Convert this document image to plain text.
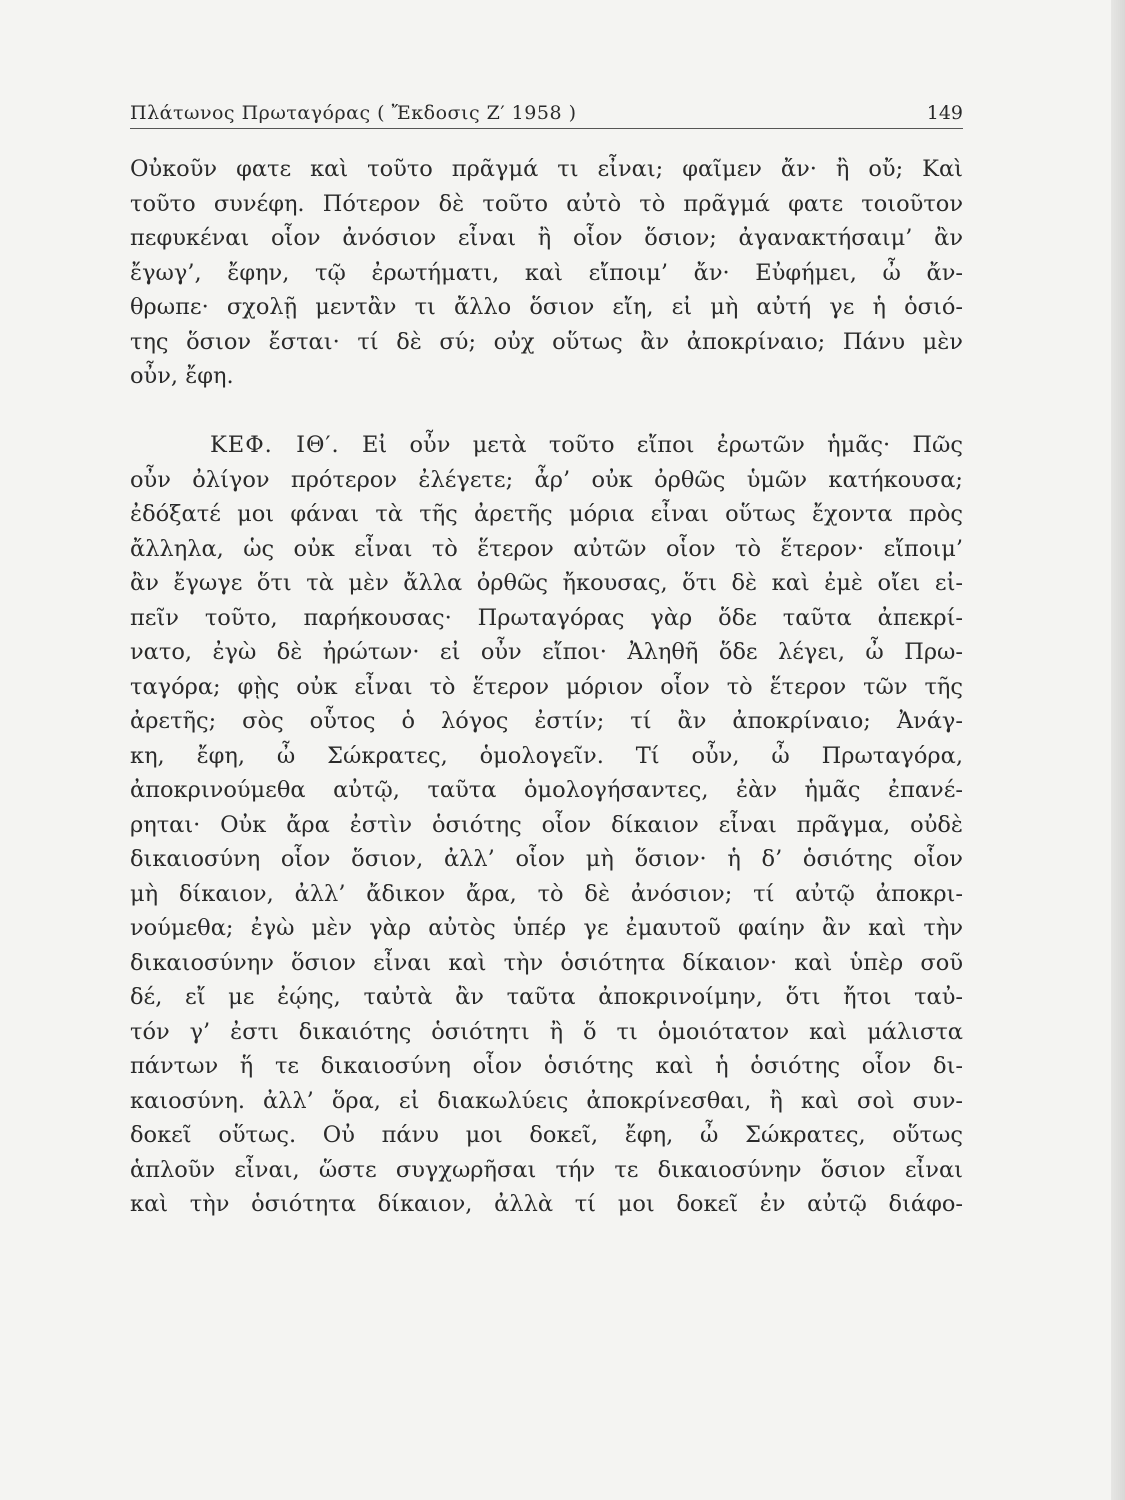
Πλάτωνος Πρωταγόρας ( Ἔκδοσις Ζ′ 1958 )	149
Οὐκοῦν φατε καὶ τοῦτο πρᾶγμά τι εἶναι; φαῖμεν ἄν· ἢ οὔ; Καὶ
τοῦτο συνέφη. Πότερον δὲ τοῦτο αὐτὸ τὸ πρᾶγμά φατε τοιοῦτον
πεφυκέναι οἷον ἀνόσιον εἶναι ἢ οἷον ὅσιον; ἀγανακτήσαιμ’ ἂν
ἔγωγ’, ἔφην, τῷ ἐρωτήματι, καὶ εἴποιμ’ ἄν· Εὐφήμει, ὦ ἄν-
θρωπε· σχολῇ μεντἂν τι ἄλλο ὅσιον εἴη, εἰ μὴ αὐτή γε ἡ ὁσιό-
της ὅσιον ἔσται· τί δὲ σύ; οὐχ οὕτως ἂν ἀποκρίναιο; Πάνυ μὲν
οὖν, ἔφη.
ΚΕΦ. ΙΘ′. Εἰ οὖν μετὰ τοῦτο εἴποι ἐρωτῶν ἡμᾶς· Πῶς
οὖν ὀλίγον πρότερον ἐλέγετε; ἆρ’ οὐκ ὀρθῶς ὑμῶν κατήκουσα;
ἐδόξατέ μοι φάναι τὰ τῆς ἀρετῆς μόρια εἶναι οὕτως ἔχοντα πρὸς
ἄλληλα, ὡς οὐκ εἶναι τὸ ἕτερον αὐτῶν οἷον τὸ ἕτερον· εἴποιμ’
ἂν ἔγωγε ὅτι τὰ μὲν ἄλλα ὀρθῶς ἤκουσας, ὅτι δὲ καὶ ἐμὲ οἴει εἰ-
πεῖν τοῦτο, παρήκουσας· Πρωταγόρας γὰρ ὅδε ταῦτα ἀπεκρί-
νατο, ἐγὼ δὲ ἠρώτων· εἰ οὖν εἴποι· Ἀληθῆ ὅδε λέγει, ὦ Πρω-
ταγόρα; φῂς οὐκ εἶναι τὸ ἕτερον μόριον οἷον τὸ ἕτερον τῶν τῆς
ἀρετῆς; σὸς οὗτος ὁ λόγος ἐστίν; τί ἂν ἀποκρίναιο; Ἀνάγ-
κη, ἔφη, ὦ Σώκρατες, ὁμολογεῖν. Τί οὖν, ὦ Πρωταγόρα,
ἀποκρινούμεθα αὐτῷ, ταῦτα ὁμολογήσαντες, ἐὰν ἡμᾶς ἐπανέ-
ρηται· Οὐκ ἄρα ἐστὶν ὁσιότης οἷον δίκαιον εἶναι πρᾶγμα, οὐδὲ
δικαιοσύνη οἷον ὅσιον, ἀλλ’ οἷον μὴ ὅσιον· ἡ δ’ ὁσιότης οἷον
μὴ δίκαιον, ἀλλ’ ἄδικον ἄρα, τὸ δὲ ἀνόσιον; τί αὐτῷ ἀποκρι-
νούμεθα; ἐγὼ μὲν γὰρ αὐτὸς ὑπέρ γε ἐμαυτοῦ φαίην ἂν καὶ τὴν
δικαιοσύνην ὅσιον εἶναι καὶ τὴν ὁσιότητα δίκαιον· καὶ ὑπὲρ σοῦ
δέ, εἴ με ἐῴης, ταὐτὰ ἂν ταῦτα ἀποκρινοίμην, ὅτι ἤτοι ταὐ-
τόν γ’ ἐστι δικαιότης ὁσιότητι ἢ ὅ τι ὁμοιότατον καὶ μάλιστα
πάντων ἥ τε δικαιοσύνη οἷον ὁσιότης καὶ ἡ ὁσιότης οἷον δι-
καιοσύνη. ἀλλ’ ὅρα, εἰ διακωλύεις ἀποκρίνεσθαι, ἢ καὶ σοὶ συν-
δοκεῖ οὕτως. Οὐ πάνυ μοι δοκεῖ, ἔφη, ὦ Σώκρατες, οὕτως
ἁπλοῦν εἶναι, ὥστε συγχωρῆσαι τήν τε δικαιοσύνην ὅσιον εἶναι
καὶ τὴν ὁσιότητα δίκαιον, ἀλλὰ τί μοι δοκεῖ ἐν αὐτῷ διάφο-
